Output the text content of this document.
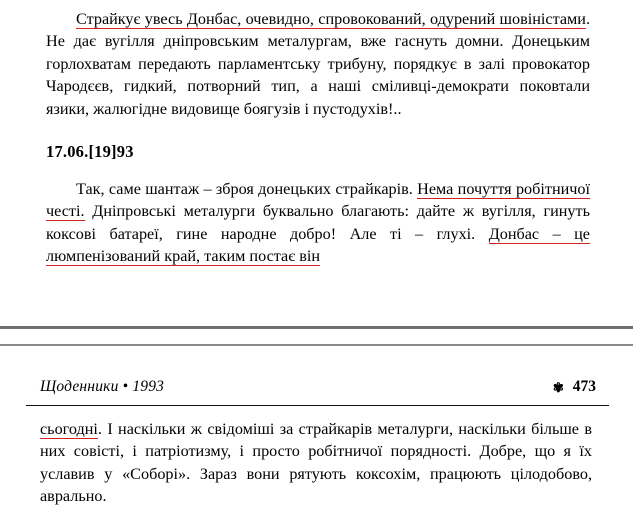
Страйкує увесь Донбас, очевидно, спровокований, одурений шовіністами. Не дає вугілля дніпровським металургам, вже гаснуть домни. Донецьким горлохватам передають парламентську трибуну, порядкує в залі провокатор Чародєєв, гидкий, потворний тип, а наші сміливці-демократи поковтали язики, жалюгідне видовище боягузів і пустодухів!..

17.06.[19]93

Так, саме шантаж – зброя донецьких страйкарів. Нема почуття робітничої честі. Дніпровські металурги буквально благають: дайте ж вугілля, гинуть коксові батареї, гине народне добро! Але ті – глухі. Донбас – це люмпенізований край, таким постає він

Щоденники • 1993	✾ 473

сьогодні. І наскільки ж свідоміші за страйкарів металурги, наскільки більше в них совісті, і патріотизму, і просто робітничої порядності. Добре, що я їх уславив у «Соборі». Зараз вони рятують коксохім, працюють цілодобово, аврально.
